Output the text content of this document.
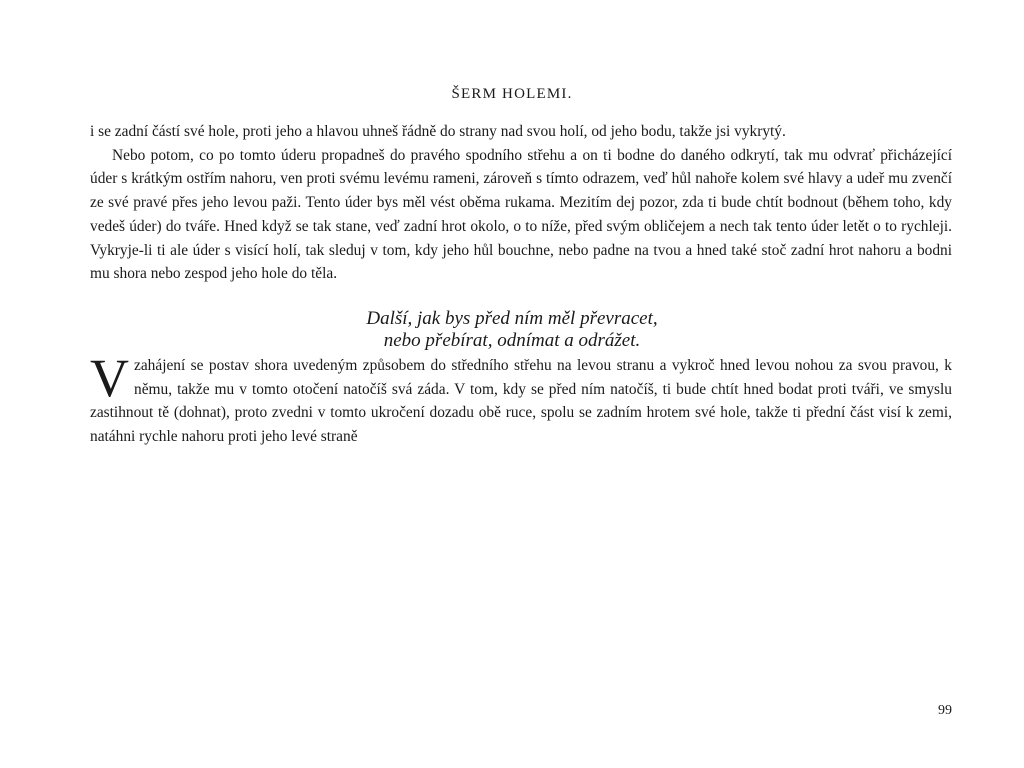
ŠERM HOLEMI.

i se zadní částí své hole, proti jeho a hlavou uhneš řádně do strany nad svou holí, od jeho bodu, takže jsi vykrytý.

Nebo potom, co po tomto úderu propadneš do pravého spodního střehu a on ti bodne do daného odkrytí, tak mu odvrať přicházející úder s krátkým ostřím nahoru, ven proti svému levému rameni, zároveň s tímto odrazem, veď hůl nahoře kolem své hlavy a udeř mu zvenčí ze své pravé přes jeho levou paži. Tento úder bys měl vést oběma rukama. Mezitím dej pozor, zda ti bude chtít bodnout (během toho, kdy vedeš úder) do tváře. Hned když se tak stane, veď zadní hrot okolo, o to níže, před svým obličejem a nech tak tento úder letět o to rychleji. Vykryje-li ti ale úder s visící holí, tak sleduj v tom, kdy jeho hůl bouchne, nebo padne na tvou a hned také stoč zadní hrot nahoru a bodni mu shora nebo zespod jeho hole do těla.

Další, jak bys před ním měl převracet,
nebo přebírat, odnímat a odrážet.

Vzahájení se postav shora uvedeným způsobem do středního střehu na levou stranu a vykroč hned levou nohou za svou pravou, k němu, takže mu v tomto otočení natočíš svá záda. V tom, kdy se před ním natočíš, ti bude chtít hned bodat proti tváři, ve smyslu zastihnout tě (dohnat), proto zvedni v tomto ukročení dozadu obě ruce, spolu se zadním hrotem své hole, takže ti přední část visí k zemi, natáhni rychle nahoru proti jeho levé straně

99
